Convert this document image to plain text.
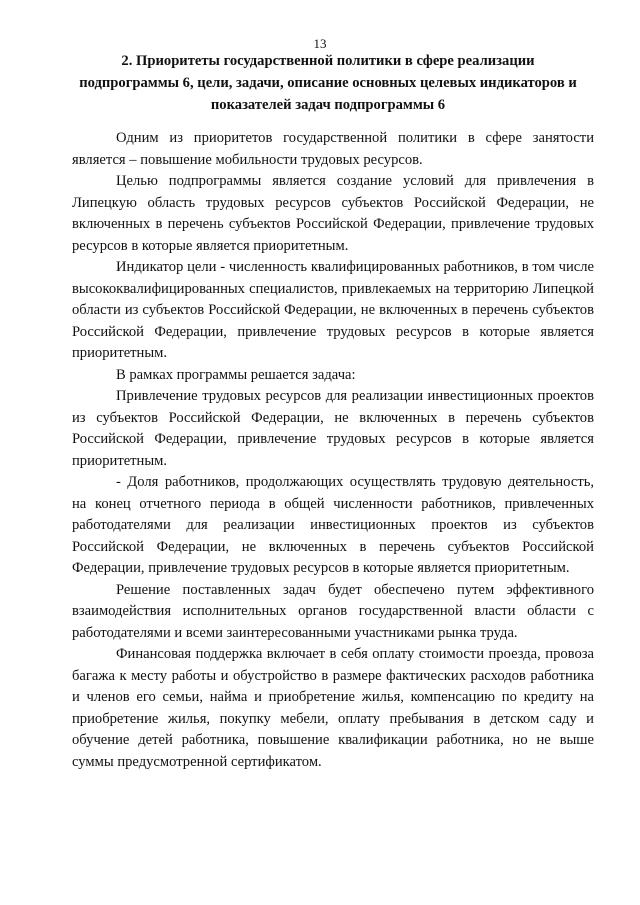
13
2. Приоритеты государственной политики в сфере реализации подпрограммы 6, цели, задачи, описание основных целевых индикаторов и показателей задач подпрограммы 6

Одним из приоритетов государственной политики в сфере занятости является – повышение мобильности трудовых ресурсов.

Целью подпрограммы является создание условий для привлечения в Липецкую область трудовых ресурсов субъектов Российской Федерации, не включенных в перечень субъектов Российской Федерации, привлечение трудовых ресурсов в которые является приоритетным.

Индикатор цели - численность квалифицированных работников, в том числе высококвалифицированных специалистов, привлекаемых на территорию Липецкой области из субъектов Российской Федерации, не включенных в перечень субъектов Российской Федерации, привлечение трудовых ресурсов в которые является приоритетным.

В рамках программы решается задача:

Привлечение трудовых ресурсов для реализации инвестиционных проектов из субъектов Российской Федерации, не включенных в перечень субъектов Российской Федерации, привлечение трудовых ресурсов в которые является приоритетным.

- Доля работников, продолжающих осуществлять трудовую деятельность, на конец отчетного периода в общей численности работников, привлеченных работодателями для реализации инвестиционных проектов из субъектов Российской Федерации, не включенных в перечень субъектов Российской Федерации, привлечение трудовых ресурсов в которые является приоритетным.

Решение поставленных задач будет обеспечено путем эффективного взаимодействия исполнительных органов государственной власти области с работодателями и всеми заинтересованными участниками рынка труда.

Финансовая поддержка включает в себя оплату стоимости проезда, провоза багажа к месту работы и обустройство в размере фактических расходов работника и членов его семьи, найма и приобретение жилья, компенсацию по кредиту на приобретение жилья, покупку мебели, оплату пребывания в детском саду и обучение детей работника, повышение квалификации работника, но не выше суммы предусмотренной сертификатом.
